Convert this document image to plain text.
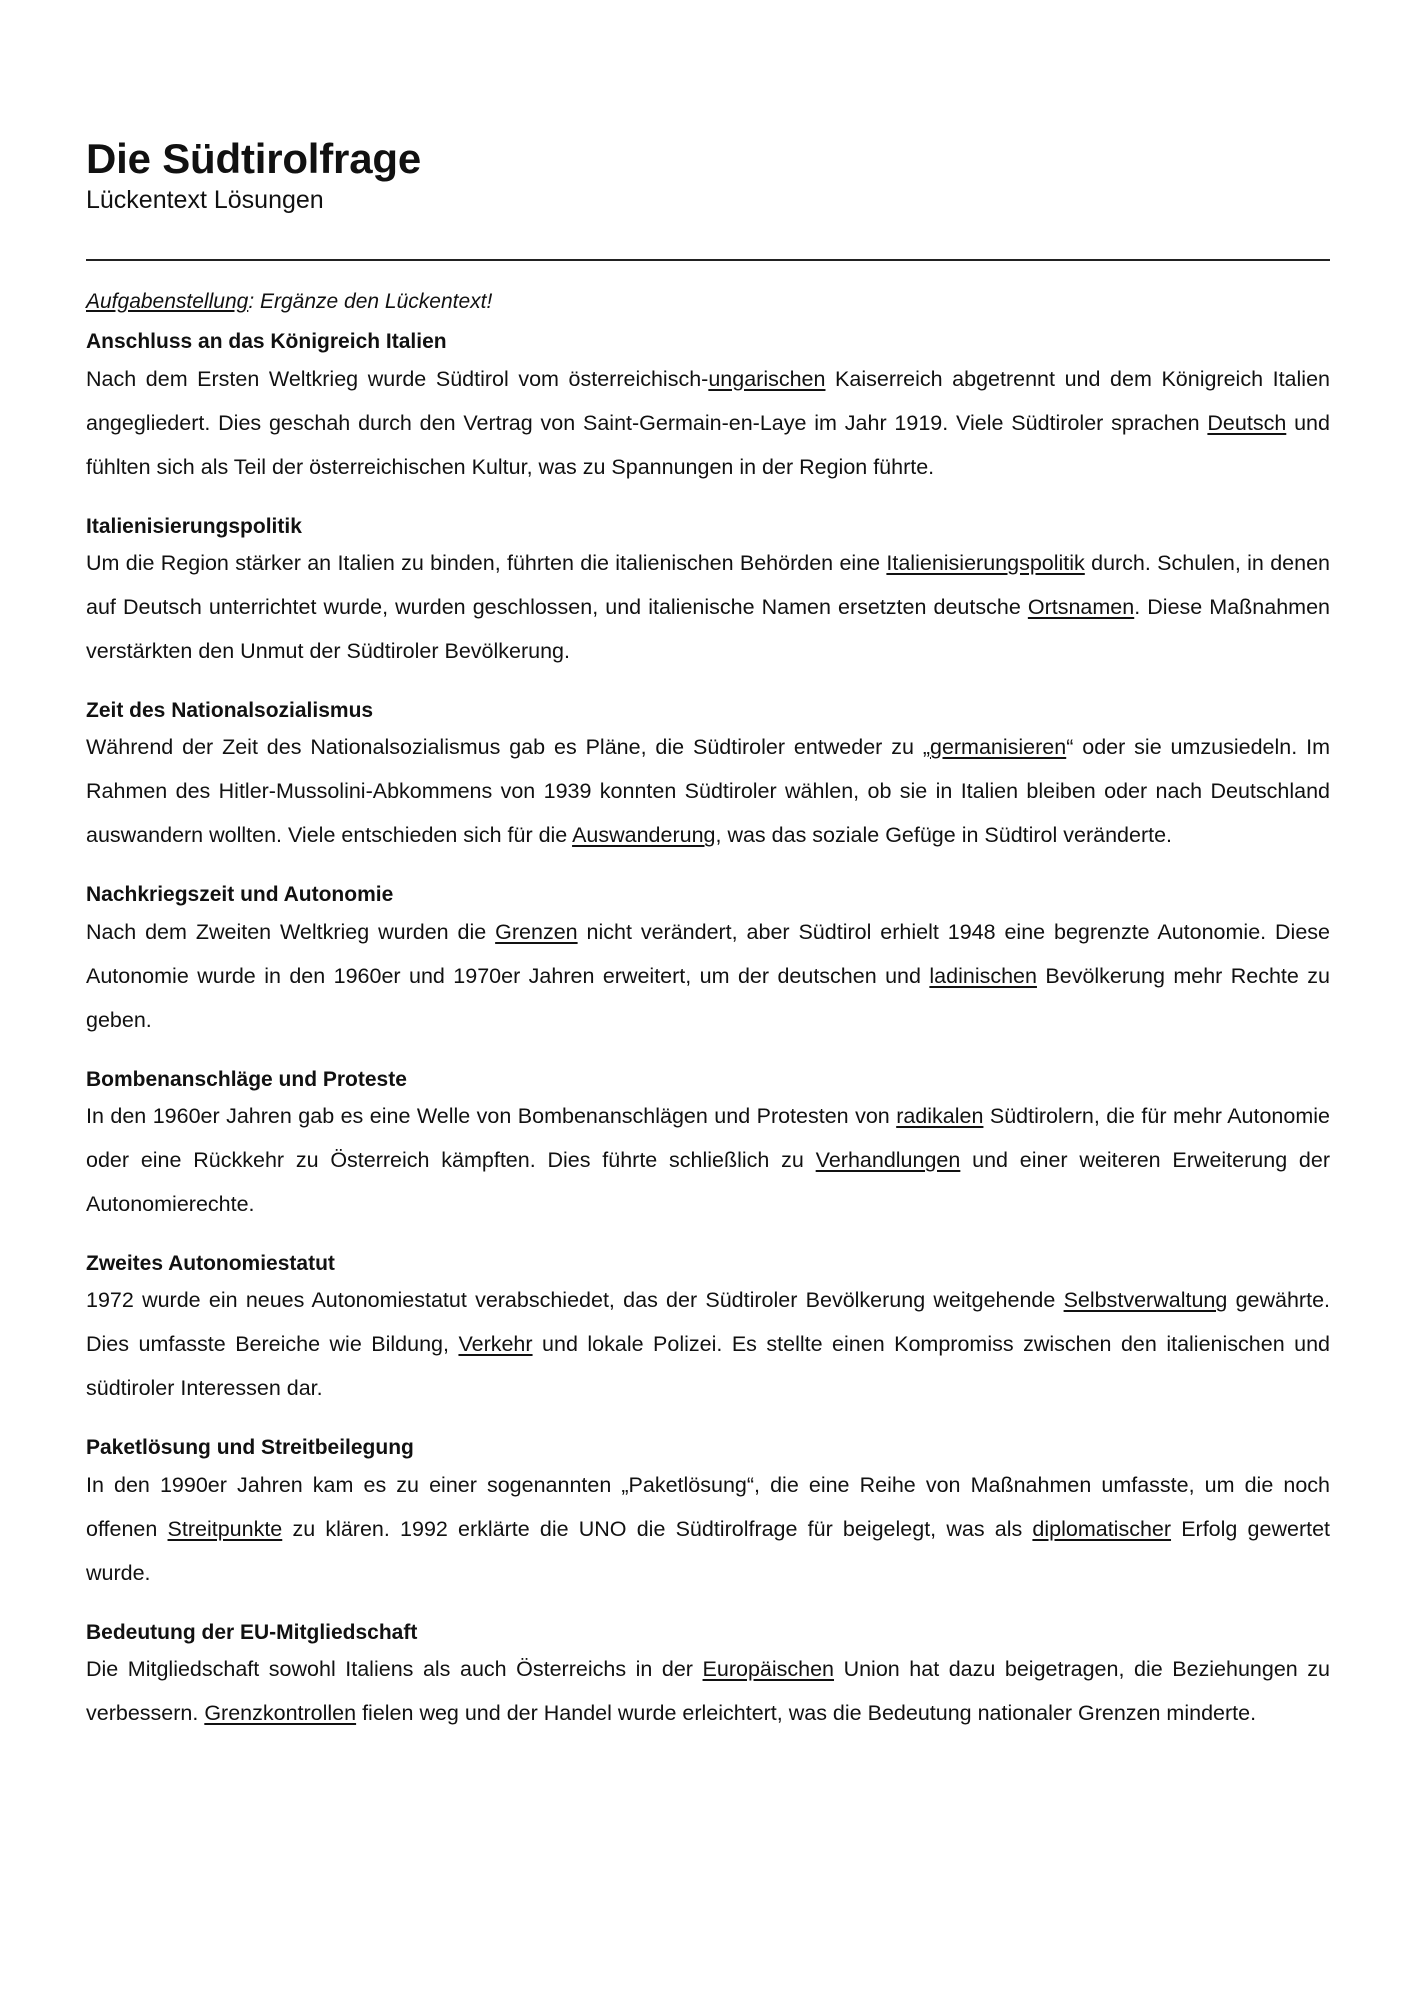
Die Südtirolfrage
Lückentext Lösungen
Aufgabenstellung: Ergänze den Lückentext!
Anschluss an das Königreich Italien

Nach dem Ersten Weltkrieg wurde Südtirol vom österreichisch-ungarischen Kaiserreich abgetrennt und dem Königreich Italien angegliedert. Dies geschah durch den Vertrag von Saint-Germain-en-Laye im Jahr 1919. Viele Südtiroler sprachen Deutsch und fühlten sich als Teil der österreichischen Kultur, was zu Spannungen in der Region führte.

Italienisierungspolitik

Um die Region stärker an Italien zu binden, führten die italienischen Behörden eine Italienisierungspolitik durch. Schulen, in denen auf Deutsch unterrichtet wurde, wurden geschlossen, und italienische Namen ersetzten deutsche Ortsnamen. Diese Maßnahmen verstärkten den Unmut der Südtiroler Bevölkerung.

Zeit des Nationalsozialismus

Während der Zeit des Nationalsozialismus gab es Pläne, die Südtiroler entweder zu „germanisieren“ oder sie umzusiedeln. Im Rahmen des Hitler-Mussolini-Abkommens von 1939 konnten Südtiroler wählen, ob sie in Italien bleiben oder nach Deutschland auswandern wollten. Viele entschieden sich für die Auswanderung, was das soziale Gefüge in Südtirol veränderte.

Nachkriegszeit und Autonomie

Nach dem Zweiten Weltkrieg wurden die Grenzen nicht verändert, aber Südtirol erhielt 1948 eine begrenzte Autonomie. Diese Autonomie wurde in den 1960er und 1970er Jahren erweitert, um der deutschen und ladinischen Bevölkerung mehr Rechte zu geben.

Bombenanschläge und Proteste

In den 1960er Jahren gab es eine Welle von Bombenanschlägen und Protesten von radikalen Südtirolern, die für mehr Autonomie oder eine Rückkehr zu Österreich kämpften. Dies führte schließlich zu Verhandlungen und einer weiteren Erweiterung der Autonomierechte.

Zweites Autonomiestatut

1972 wurde ein neues Autonomiestatut verabschiedet, das der Südtiroler Bevölkerung weitgehende Selbstverwaltung gewährte. Dies umfasste Bereiche wie Bildung, Verkehr und lokale Polizei. Es stellte einen Kompromiss zwischen den italienischen und südtiroler Interessen dar.

Paketlösung und Streitbeilegung

In den 1990er Jahren kam es zu einer sogenannten „Paketlösung“, die eine Reihe von Maßnahmen umfasste, um die noch offenen Streitpunkte zu klären. 1992 erklärte die UNO die Südtirolfrage für beigelegt, was als diplomatischer Erfolg gewertet wurde.

Bedeutung der EU-Mitgliedschaft

Die Mitgliedschaft sowohl Italiens als auch Österreichs in der Europäischen Union hat dazu beigetragen, die Beziehungen zu verbessern. Grenzkontrollen fielen weg und der Handel wurde erleichtert, was die Bedeutung nationaler Grenzen minderte.
